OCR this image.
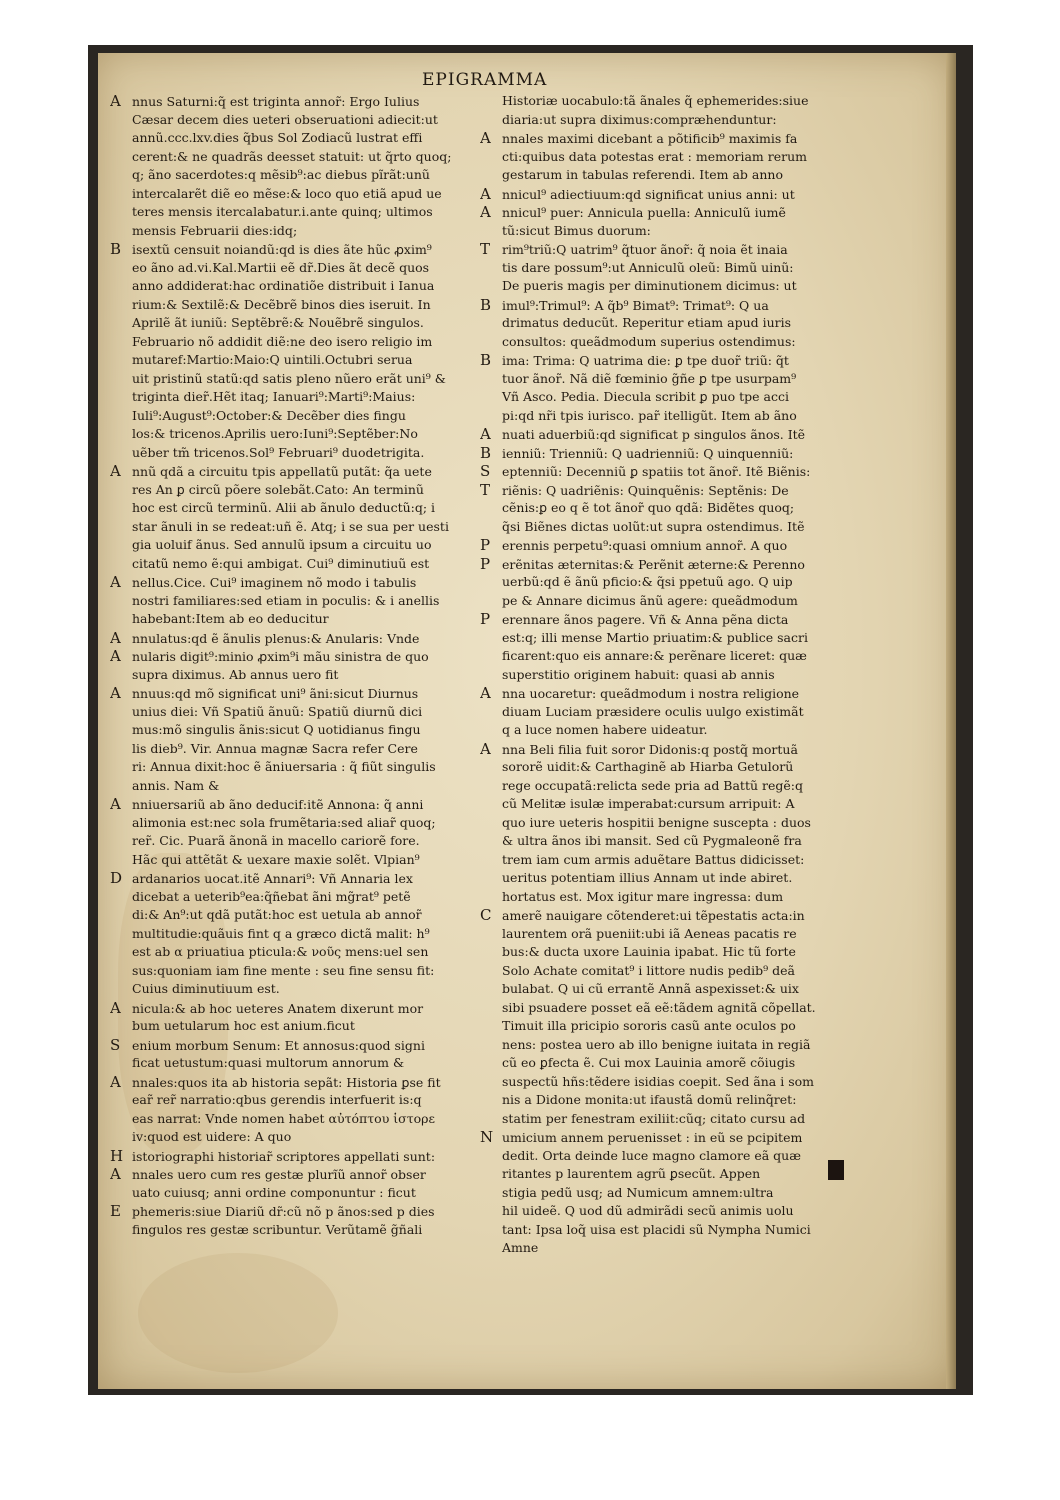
EPIGRAMMA
A nnus Saturni:q̃ est triginta annor̃: Ergo Iulius
Cæsar decem dies ueteri obseruationi adiecit:ut
annũ.ccc.lxv.dies q̃bus Sol Zodiacũ lustrat effi
cerent:& ne quadrãs deesset statuit: ut q̃rto quoq;
q; ãno sacerdotes:q mẽsib⁹:ac diebus pĩrãt:unũ
intercalarẽt diẽ eo mẽse:& loco quo etiã apud ue
teres mensis itercalabatur.i.ante quinq; ultimos
mensis Februarii dies:idq;
B isextũ censuit noiandũ:qd is dies ãte hũc ꝓxim⁹
eo ãno ad.vi.Kal.Martii eẽ dr̃.Dies ãt decẽ quos
anno addiderat:hac ordinatiõe distribuit i Ianua
rium:& Sextilẽ:& Decẽbrẽ binos dies iseruit. In
Aprilẽ ãt iuniũ: Septẽbrẽ:& Nouẽbrẽ singulos.
Februario nõ addidit diẽ:ne deo isero religio im
mutaref:Martio:Maio:Q uintili.Octubri serua
uit pristinũ statũ:qd satis pleno nũero erãt uni⁹ &
triginta dier̃.Hẽt itaq; Ianuari⁹:Marti⁹:Maius:
Iuli⁹:August⁹:October:& Decẽber dies fingu
los:& tricenos.Aprilis uero:Iuni⁹:Septẽber:No
uẽber tm̃ tricenos.Sol⁹ Februari⁹ duodetrigita.
A nnũ qdã a circuitu tpis appellatũ putãt: q̃a uete
res An ꝑ circũ põere solebãt.Cato: An terminũ
hoc est circũ terminũ. Alii ab ãnulo deductũ:q; i
star ãnuli in se redeat:uñ ẽ. Atq; i se sua per uesti
gia uoluif ãnus. Sed annulũ ipsum a circuitu uo
citatũ nemo ẽ:qui ambigat. Cui⁹ diminutiuũ est
A nellus.Cice. Cui⁹ imaginem nõ modo i tabulis
nostri familiares:sed etiam in poculis: & i anellis
habebant:Item ab eo deducitur
A nnulatus:qd ẽ ãnulis plenus:& Anularis: Vnde
A nularis digit⁹:minio ꝓxim⁹i mãu sinistra de quo
supra diximus. Ab annus uero fit
A nnuus:qd mõ significat uni⁹ ãni:sicut Diurnus
unius diei: Vñ Spatiũ ãnuũ: Spatiũ diurnũ dici
mus:mõ singulis ãnis:sicut Q uotidianus fingu
lis dieb⁹. Vir. Annua magnæ Sacra refer Cere
ri: Annua dixit:hoc ẽ ãniuersaria : q̃ fiũt singulis
annis. Nam &
A nniuersariũ ab ãno deducif:itẽ Annona: q̃ anni
alimonia est:nec sola frumẽtaria:sed aliar̃ quoq;
rer̃. Cic. Puarã ãnonã in macello cariorẽ fore.
Hãc qui attẽtãt & uexare maxie solẽt. Vlpian⁹
D ardanarios uocat.itẽ Annari⁹: Vñ Annaria lex
dicebat a ueterib⁹ea:q̃ñebat ãni mg̃rat⁹ petẽ
di:& An⁹:ut qdã putãt:hoc est uetula ab annor̃
multitudie:quãuis fint q a græco dictã malit: h⁹
est ab α priuatiua pticula:& νοῦς mens:uel sen
sus:quoniam iam fine mente : seu fine sensu fit:
Cuius diminutiuum est.
A nicula:& ab hoc ueteres Anatem dixerunt mor
bum uetularum hoc est anium.ficut
S enium morbum Senum: Et annosus:quod signi
ficat uetustum:quasi multorum annorum &
A nnales:quos ita ab historia sepãt: Historia ꝑse fit
ear̃ rer̃ narratio:qbus gerendis interfuerit is:q
eas narrat: Vnde nomen habet αὐτόπτου ἱστορε
iv:quod est uidere: A quo
H istoriographi historiar̃ scriptores appellati sunt:
A nnales uero cum res gestæ plurĩũ annor̃ obser
uato cuiusq; anni ordine componuntur : ficut
E phemeris:siue Diariũ dr̃:cũ nõ p ãnos:sed p dies
fingulos res gestæ scribuntur. Verũtamẽ g̃ñali
Historiæ uocabulo:tã ãnales q̃ ephemerides:siue
diaria:ut supra diximus:compræhenduntur:
A nnales maximi dicebant a põtificib⁹ maximis fa
cti:quibus data potestas erat : memoriam rerum
gestarum in tabulas referendi. Item ab anno
A nnicul⁹ adiectiuum:qd significat unius anni: ut
A nnicul⁹ puer: Annicula puella: Anniculũ iumẽ
tũ:sicut Bimus duorum:
T rim⁹triũ:Q uatrim⁹ q̃tuor ãnor̃: q̃ noia ẽt inaia
tis dare possum⁹:ut Anniculũ oleũ: Bimũ uinũ:
De pueris magis per diminutionem dicimus: ut
B imul⁹:Trimul⁹: A q̃b⁹ Bimat⁹: Trimat⁹: Q ua
drimatus deducũt. Reperitur etiam apud iuris
consultos: queãdmodum superius ostendimus:
B ima: Trima: Q uatrima die: ꝑ tpe duor̃ triũ: q̃t
tuor ãnor̃. Nã diẽ fœminio g̃ñe ꝑ tpe usurpam⁹
Vñ Asco. Pedia. Diecula scribit ꝑ puo tpe acci
pi:qd nr̃i tpis iurisco. par̃ itelligũt. Item ab ãno
A nuati aduerbiũ:qd significat p singulos ãnos. Itẽ
B ienniũ: Trienniũ: Q uadrienniũ: Q uinquenniũ:
S eptenniũ: Decenniũ ꝑ spatiis tot ãnor̃. Itẽ Biẽnis:
T riẽnis: Q uadriẽnis: Quinquẽnis: Septẽnis: De
cẽnis:ꝑ eo q ẽ tot ãnor̃ quo qdã: Bidẽtes quoq;
q̃si Biẽnes dictas uolũt:ut supra ostendimus. Itẽ
P erennis perpetu⁹:quasi omnium annor̃. A quo
P erẽnitas æternitas:& Perẽnit æterne:& Perenno
uerbũ:qd ẽ ãnũ pficio:& q̃si ppetuũ ago. Q uip
pe & Annare dicimus ãnũ agere: queãdmodum
P erennare ãnos pagere. Vñ & Anna pẽna dicta
est:q; illi mense Martio priuatim:& publice sacri
ficarent:quo eis annare:& perẽnare liceret: quæ
superstitio originem habuit: quasi ab annis
A nna uocaretur: queãdmodum i nostra religione
diuam Luciam præsidere oculis uulgo existimãt
q a luce nomen habere uideatur.
A nna Beli filia fuit soror Didonis:q postq̃ mortuã
sororẽ uidit:& Carthaginẽ ab Hiarba Getulorũ
rege occupatã:relicta sede pria ad Battũ regẽ:q
cũ Melitæ isulæ imperabat:cursum arripuit: A
quo iure ueteris hospitii benigne suscepta : duos
& ultra ãnos ibi mansit. Sed cũ Pygmaleonẽ fra
trem iam cum armis aduẽtare Battus didicisset:
ueritus potentiam illius Annam ut inde abiret.
hortatus est. Mox igitur mare ingressa: dum
C amerẽ nauigare cõtenderet:ui tẽpestatis acta:in
laurentem orã pueniit:ubi iã Aeneas pacatis re
bus:& ducta uxore Lauinia ipabat. Hic tũ forte
Solo Achate comitat⁹ i littore nudis pedib⁹ deã
bulabat. Q ui cũ errantẽ Annã aspexisset:& uix
sibi psuadere posset eã eẽ:tãdem agnitã cõpellat.
Timuit illa pricipio sororis casũ ante oculos po
nens: postea uero ab illo benigne iuitata in regiã
cũ eo ꝑfecta ẽ. Cui mox Lauinia amorẽ cõiugis
suspectũ hñs:tẽdere isidias coepit. Sed ãna i som
nis a Didone monita:ut ifaustã domũ relinq̃ret:
statim per fenestram exiliit:cũq; citato cursu ad
N umicium annem peruenisset : in eũ se pcipitem
dedit. Orta deinde luce magno clamore eã quæ
ritantes p laurentem agrũ ꝑsecũt. Appen
stigia pedũ usq; ad Numicum amnem:ultra
hil uideẽ. Q uod dũ admirãdi secũ animis uolu
tant: Ipsa loq̃ uisa est placidi sũ Nympha Numici
Amne
